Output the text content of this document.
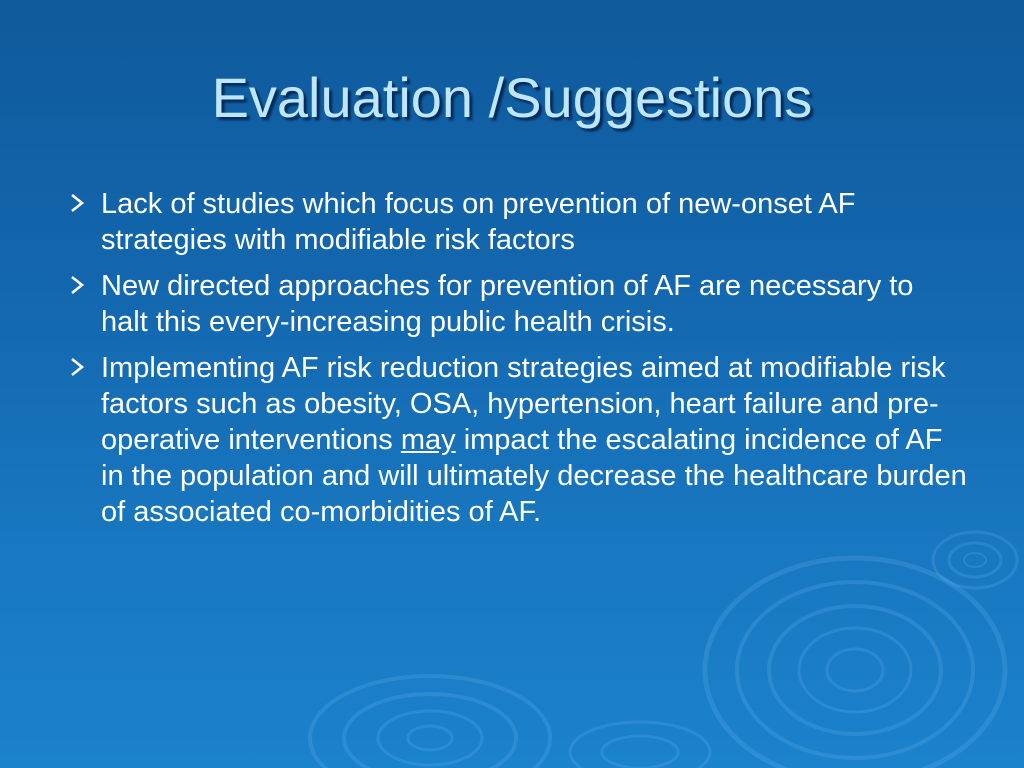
Evaluation /Suggestions
Lack of studies which focus on prevention of new-onset AF strategies with modifiable risk factors
New directed approaches for prevention of AF are necessary to halt this every-increasing public health crisis.
Implementing AF risk reduction strategies aimed at modifiable risk factors such as obesity, OSA, hypertension, heart failure and pre-operative interventions may impact the escalating incidence of AF in the population and will ultimately decrease the healthcare burden of associated co-morbidities of AF.
